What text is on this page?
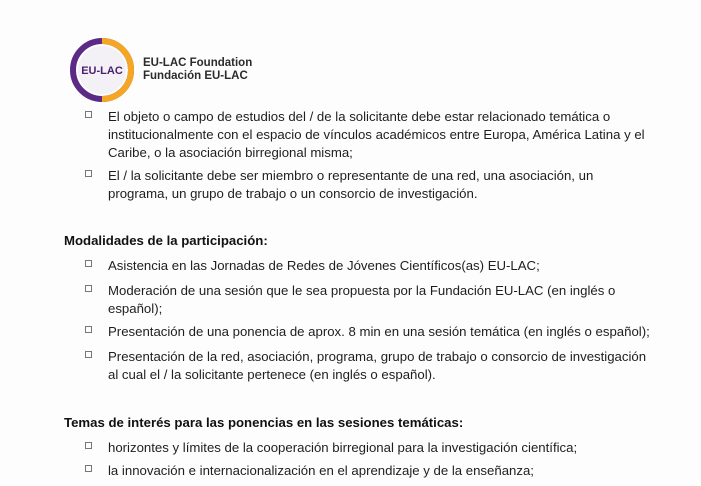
EU-LAC
EU-LAC Foundation
Fundación EU-LAC
El objeto o campo de estudios del / de la solicitante debe estar relacionado temática o
institucionalmente con el espacio de vínculos académicos entre Europa, América Latina y el
Caribe, o la asociación birregional misma;
El / la solicitante debe ser miembro o representante de una red, una asociación, un
programa, un grupo de trabajo o un consorcio de investigación.
Modalidades de la participación:
Asistencia en las Jornadas de Redes de Jóvenes Científicos(as) EU-LAC;
Moderación de una sesión que le sea propuesta por la Fundación EU-LAC (en inglés o
español);
Presentación de una ponencia de aprox. 8 min en una sesión temática (en inglés o español);
Presentación de la red, asociación, programa, grupo de trabajo o consorcio de investigación
al cual el / la solicitante pertenece (en inglés o español).
Temas de interés para las ponencias en las sesiones temáticas:
horizontes y límites de la cooperación birregional para la investigación científica;
la innovación e internacionalización en el aprendizaje y de la enseñanza;
